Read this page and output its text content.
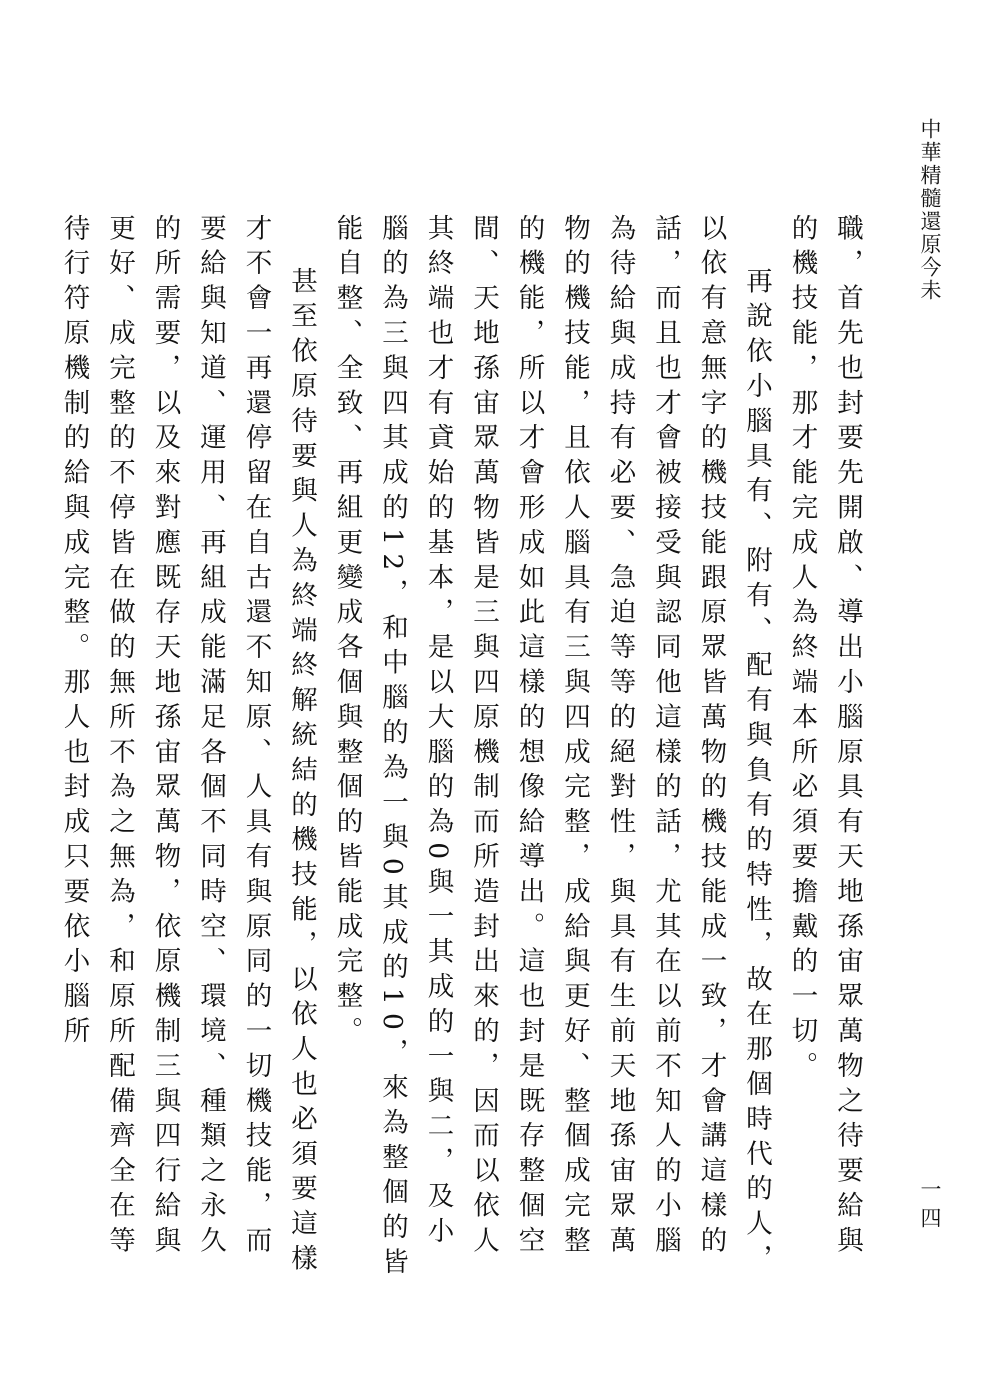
中華精髓還原今未
一四

職，首先也封要先開啟、導出小腦原具有天地孫宙眾萬物之待要給與的機技能，那才能完成人為終端本所必須要擔戴的一切。

再說依小腦具有、附有、配有與負有的特性，故在那個時代的人，以依有意無字的機技能跟原眾皆萬物的機技能成一致，才會講這樣的話，而且也才會被接受與認同他這樣的話，尤其在以前不知人的小腦為待給與成持有必要、急迫等等的絕對性，與具有生前天地孫宙眾萬物的機技能，且依人腦具有三與四成完整，成給與更好、整個成完整的機能，所以才會形成如此這樣的想像給導出。這也封是既存整個空間、天地孫宙眾萬物皆是三與四原機制而所造封出來的，因而以依人其終端也才有貣始的基本，是以大腦的為0與一其成的一與二，及小腦的為三與四其成的12，和中腦的為一與0其成的10，來為整個的皆能自整、全致、再組更變成各個與整個的皆能成完整。

甚至依原待要與人為終端終解統結的機技能，以依人也必須要這樣才不會一再還停留在自古還不知原、人具有與原同的一切機技能，而要給與知道、運用、再組成能滿足各個不同時空、環境、種類之永久的所需要，以及來對應既存天地孫宙眾萬物，依原機制三與四行給與更好、成完整的不停皆在做的無所不為之無為，和原所配備齊全在等待行符原機制的給與成完整。那人也封成只要依小腦所
